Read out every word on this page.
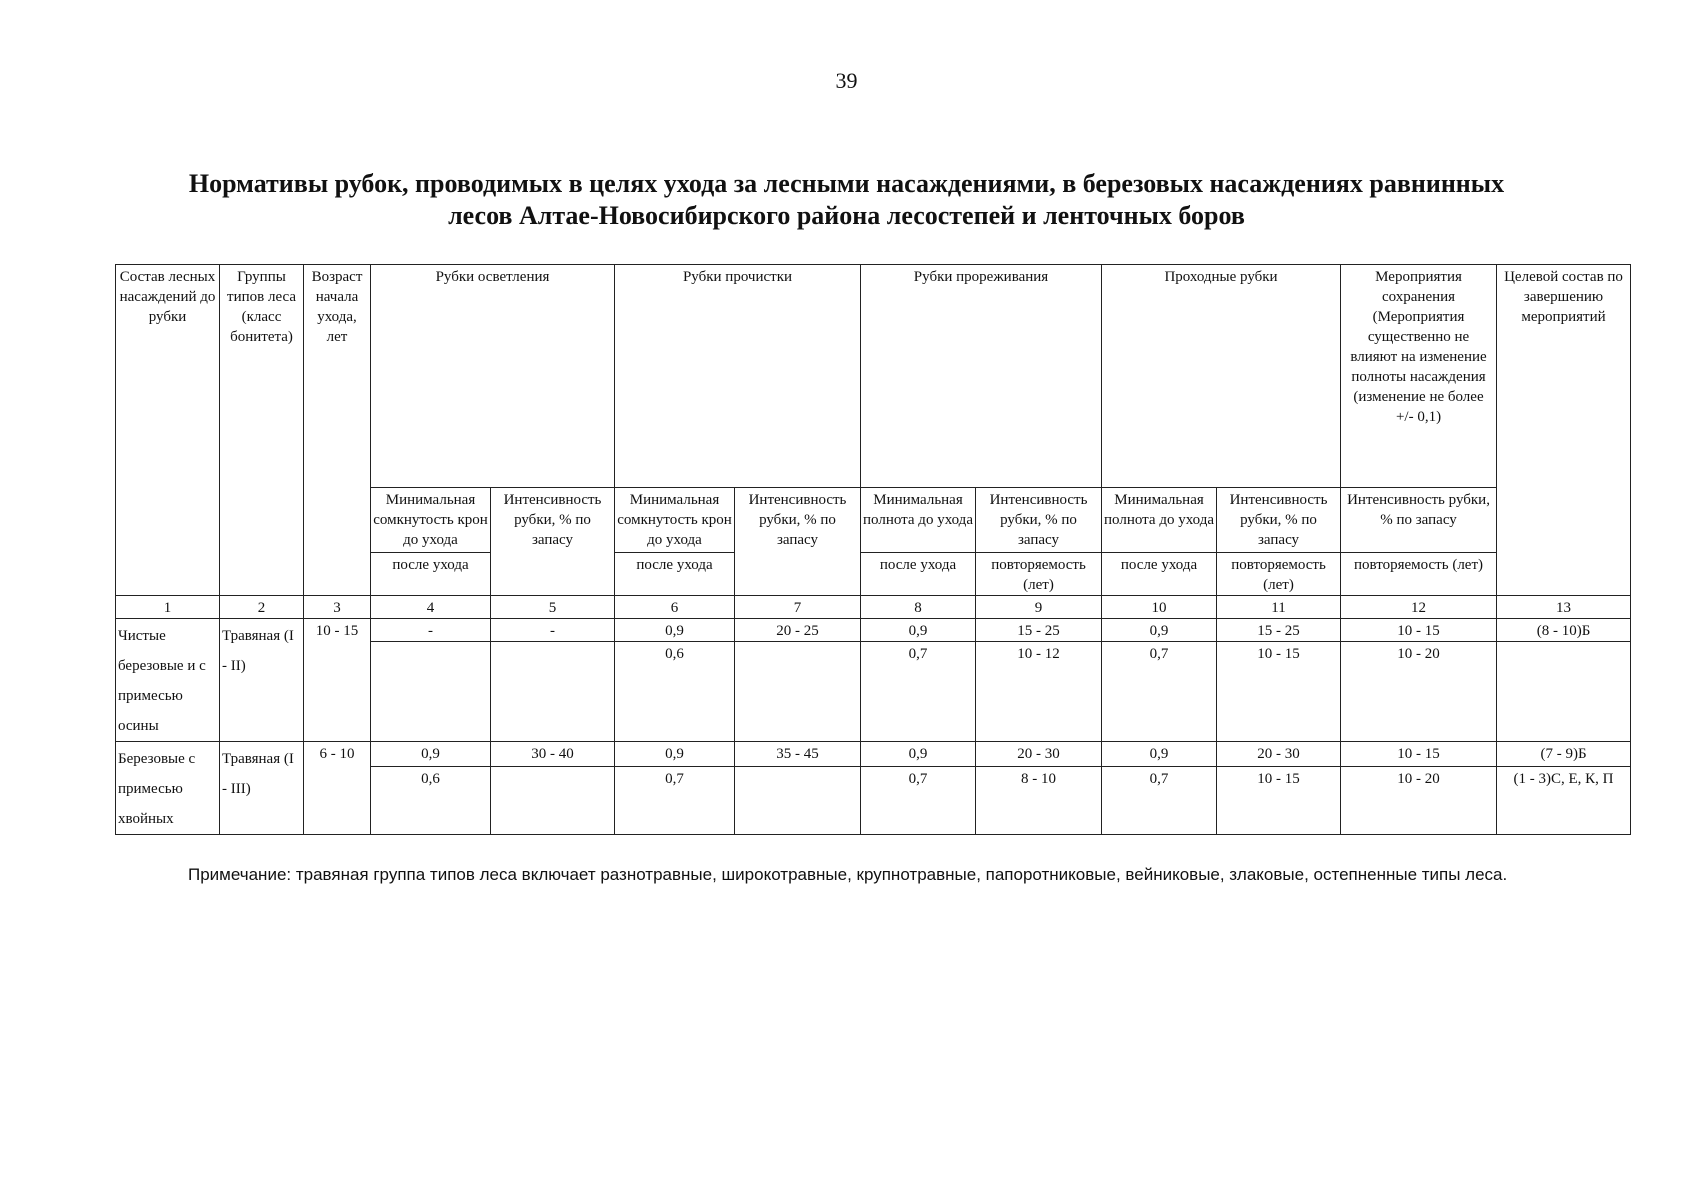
39
Нормативы рубок, проводимых в целях ухода за лесными насаждениями, в березовых насаждениях равнинных
лесов Алтае-Новосибирского района лесостепей и ленточных боров
Состав лесных насаждений до рубки	Группы типов леса (класс бонитета)	Возраст начала ухода, лет	Рубки осветления		Рубки прочистки		Рубки прореживания		Проходные рубки		Мероприятия сохранения (Мероприятия существенно не влияют на изменение полноты насаждения (изменение не более +/- 0,1)	Целевой состав по завершению мероприятий
			Минимальная сомкнутость крон до ухода	Интенсивность рубки, % по запасу	Минимальная сомкнутость крон до ухода	Интенсивность рубки, % по запасу	Минимальная полнота до ухода	Интенсивность рубки, % по запасу	Минимальная полнота до ухода	Интенсивность рубки, % по запасу	Интенсивность рубки, % по запасу	
			после ухода		после ухода		после ухода	повторяемость (лет)	после ухода	повторяемость (лет)	повторяемость (лет)	
1	2	3	4	5	6	7	8	9	10	11	12	13
Чистые березовые и с примесью осины	Травяная (I - II)	10 - 15	-	-	0,9	20 - 25	0,9	15 - 25	0,9	15 - 25	10 - 15	(8 - 10)Б
					0,6		0,7	10 - 12	0,7	10 - 15	10 - 20	
Березовые с примесью хвойных	Травяная (I - III)	6 - 10	0,9	30 - 40	0,9	35 - 45	0,9	20 - 30	0,9	20 - 30	10 - 15	(7 - 9)Б
			0,6		0,7		0,7	8 - 10	0,7	10 - 15	10 - 20	(1 - 3)С, Е, К, П
Примечание: травяная группа типов леса включает разнотравные, широкотравные, крупнотравные, папоротниковые, вейниковые, злаковые, остепненные типы леса.
